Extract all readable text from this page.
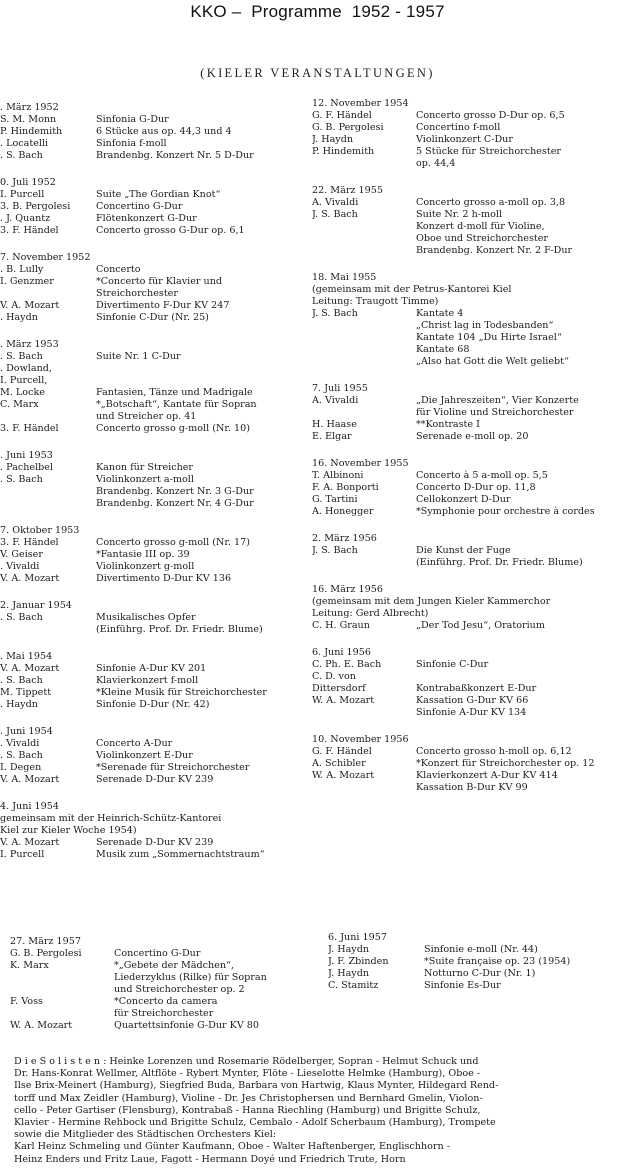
KKO –  Programme  1952 - 1957
(KIELER VERANSTALTUNGEN)
. März 1952
S. M. Monn	Sinfonia G-Dur
P. Hindemith	6 Stücke aus op. 44,3 und 4
. Locatelli	Sinfonia f-moll
. S. Bach	Brandenbg. Konzert Nr. 5 D-Dur
0. Juli 1952
I. Purcell	Suite „The Gordian Knot“
3. B. Pergolesi	Concertino G-Dur
. J. Quantz	Flötenkonzert G-Dur
3. F. Händel	Concerto grosso G-Dur op. 6,1
7. November 1952
. B. Lully	Concerto
I. Genzmer	*Concerto für Klavier und
Streichorchester
V. A. Mozart	Divertimento F-Dur KV 247
. Haydn	Sinfonie C-Dur (Nr. 25)
. März 1953
. S. Bach	Suite Nr. 1 C-Dur
. Dowland,
I. Purcell,
M. Locke	Fantasien, Tänze und Madrigale
C. Marx	*„Botschaft“, Kantate für Sopran
und Streicher op. 41
3. F. Händel	Concerto grosso g-moll (Nr. 10)
. Juni 1953
. Pachelbel	Kanon für Streicher
. S. Bach	Violinkonzert a-moll
Brandenbg. Konzert Nr. 3 G-Dur
Brandenbg. Konzert Nr. 4 G-Dur
7. Oktober 1953
3. F. Händel	Concerto grosso g-moll (Nr. 17)
V. Geiser	*Fantasie III op. 39
. Vivaldi	Violinkonzert g-moll
V. A. Mozart	Divertimento D-Dur KV 136
2. Januar 1954
. S. Bach	Musikalisches Opfer
(Einführg. Prof. Dr. Friedr. Blume)
. Mai 1954
V. A. Mozart	Sinfonie A-Dur KV 201
. S. Bach	Klavierkonzert f-moll
M. Tippett	*Kleine Musik für Streichorchester
. Haydn	Sinfonie D-Dur (Nr. 42)
. Juni 1954
. Vivaldi	Concerto A-Dur
. S. Bach	Violinkonzert E-Dur
I. Degen	*Serenade für Streichorchester
V. A. Mozart	Serenade D-Dur KV 239
4. Juni 1954
gemeinsam mit der Heinrich-Schütz-Kantorei
Kiel zur Kieler Woche 1954)
V. A. Mozart	Serenade D-Dur KV 239
I. Purcell	Musik zum „Sommernachtstraum“
12. November 1954
G. F. Händel	Concerto grosso D-Dur op. 6,5
G. B. Pergolesi	Concertino f-moll
J. Haydn	Violinkonzert C-Dur
P. Hindemith	5 Stücke für Streichorchester
op. 44,4
22. März 1955
A. Vivaldi	Concerto grosso a-moll op. 3,8
J. S. Bach	Suite Nr. 2 h-moll
Konzert d-moll für Violine,
Oboe und Streichorchester
Brandenbg. Konzert Nr. 2 F-Dur
18. Mai 1955
(gemeinsam mit der Petrus-Kantorei Kiel
Leitung: Traugott Timme)
J. S. Bach	Kantate 4
„Christ lag in Todesbanden“
Kantate 104 „Du Hirte Israel“
Kantate 68
„Also hat Gott die Welt geliebt“
7. Juli 1955
A. Vivaldi	„Die Jahreszeiten“, Vier Konzerte
für Violine und Streichorchester
H. Haase	**Kontraste I
E. Elgar	Serenade e-moll op. 20
16. November 1955
T. Albinoni	Concerto à 5 a-moll op. 5,5
F. A. Bonporti	Concerto D-Dur op. 11,8
G. Tartini	Cellokonzert D-Dur
A. Honegger	*Symphonie pour orchestre à cordes
2. März 1956
J. S. Bach	Die Kunst der Fuge
(Einführg. Prof. Dr. Friedr. Blume)
16. März 1956
(gemeinsam mit dem Jungen Kieler Kammerchor
Leitung: Gerd Albrecht)
C. H. Graun	„Der Tod Jesu“, Oratorium
6. Juni 1956
C. Ph. E. Bach	Sinfonie C-Dur
C. D. von
Dittersdorf	Kontrabaßkonzert E-Dur
W. A. Mozart	Kassation G-Dur KV 66
Sinfonie A-Dur KV 134
10. November 1956
G. F. Händel	Concerto grosso h-moll op. 6,12
A. Schibler	*Konzert für Streichorchester op. 12
W. A. Mozart	Klavierkonzert A-Dur KV 414
Kassation B-Dur KV 99
27. März 1957
G. B. Pergolesi	Concertino G-Dur
K. Marx	*„Gebete der Mädchen“,
Liederzyklus (Rilke) für Sopran
und Streichorchester op. 2
F. Voss	*Concerto da camera
für Streichorchester
W. A. Mozart	Quartettsinfonie G-Dur KV 80
6. Juni 1957
J. Haydn	Sinfonie e-moll (Nr. 44)
J. F. Zbinden	*Suite française op. 23 (1954)
J. Haydn	Notturno C-Dur (Nr. 1)
C. Stamitz	Sinfonie Es-Dur
D i e S o l i s t e n : Heinke Lorenzen und Rosemarie Rödelberger, Sopran - Helmut Schuck und
Dr. Hans-Konrat Wellmer, Altflöte - Rybert Mynter, Flöte - Lieselotte Helmke (Hamburg), Oboe -
Ilse Brix-Meinert (Hamburg), Siegfried Buda, Barbara von Hartwig, Klaus Mynter, Hildegard Rend-
torff und Max Zeidler (Hamburg), Violine - Dr. Jes Christophersen und Bernhard Gmelin, Violon-
cello - Peter Gartiser (Flensburg), Kontrabaß - Hanna Riechling (Hamburg) und Brigitte Schulz,
Klavier - Hermine Rehbock und Brigitte Schulz, Cembalo - Adolf Scherbaum (Hamburg), Trompete
sowie die Mitglieder des Städtischen Orchesters Kiel:
Karl Heinz Schmeling und Günter Kaufmann, Oboe - Walter Haftenberger, Englischhorn -
Heinz Enders und Fritz Laue, Fagott - Hermann Doyé und Friedrich Trute, Horn
